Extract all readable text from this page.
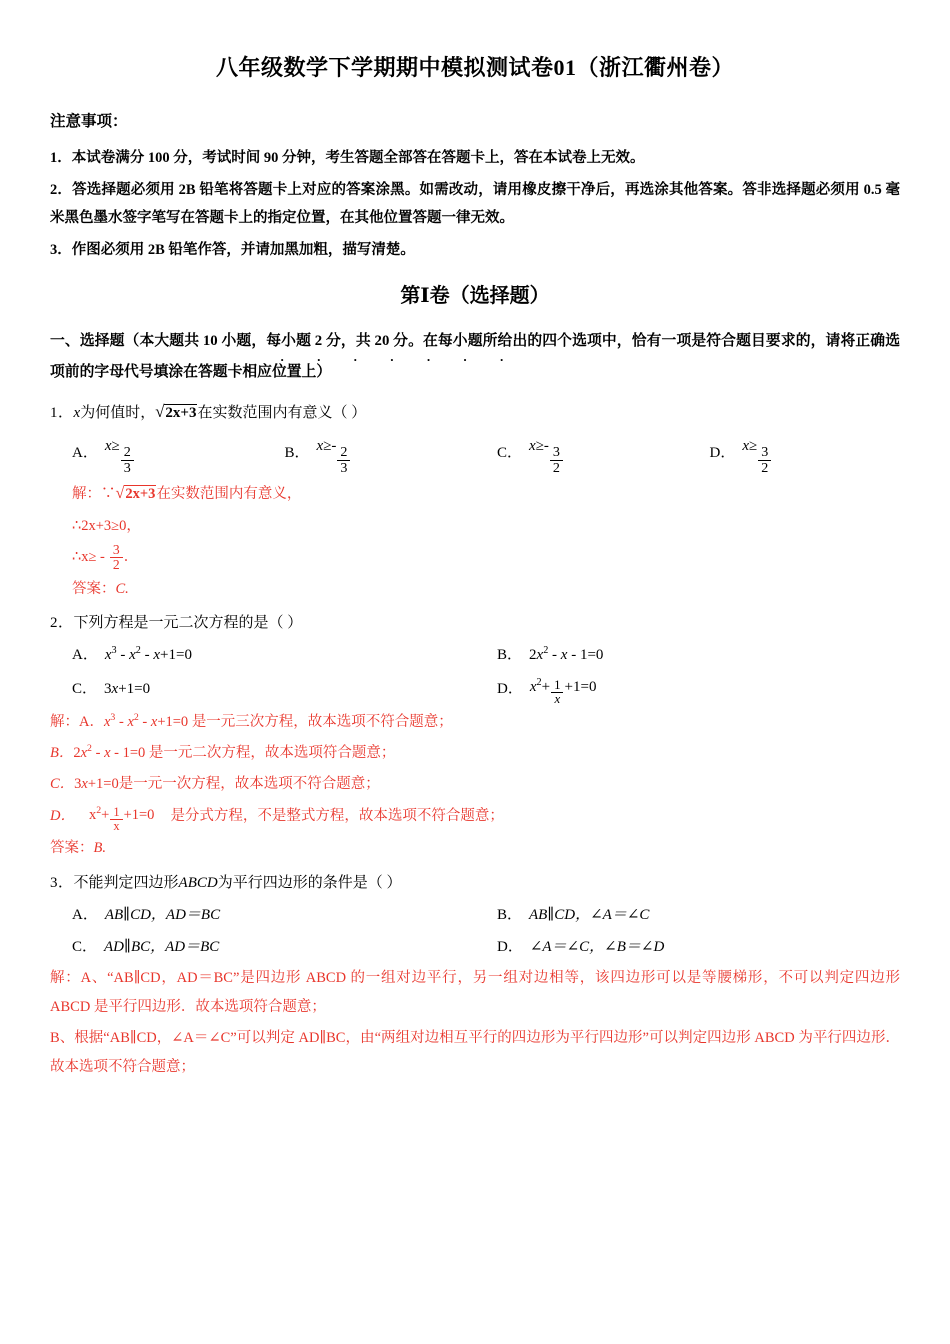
八年级数学下学期期中模拟测试卷01（浙江衢州卷）
注意事项：
1．本试卷满分 100 分，考试时间 90 分钟，考生答题全部答在答题卡上，答在本试卷上无效。
2．答选择题必须用 2B 铅笔将答题卡上对应的答案涂黑。如需改动，请用橡皮擦干净后，再选涂其他答案。答非选择题必须用 0.5 毫米黑色墨水签字笔写在答题卡上的指定位置，在其他位置答题一律无效。
3．作图必须用 2B 铅笔作答，并请加黑加粗，描写清楚。
第Ⅰ卷（选择题）
一、选择题（本大题共 10 小题，每小题 2 分，共 20 分。在每小题所给出的四个选项中，恰有一项是符合题目要求的，请将正确选项前的字母代号填涂在答题卡相应位置上）
· · · · · · ·
1．x为何值时，√2x+3在实数范围内有意义（ ）
A． $x\ge \frac{2}{3}$	B． $x\ge- \frac{2}{3}$	C． $x\ge- \frac{3}{2}$	D． $x\ge \frac{3}{2}$
解：∵√2x+3在实数范围内有意义，
∴2x+3≥0，
∴x≥ - $\frac{3}{2}$ ．
答案：C.
2．下列方程是一元二次方程的是（ ）
A． $x^3 - x^2 - x+1=0$	B． $2x^2 - x - 1=0$
C． 3x+1=0	D． $x^2+ \frac{1}{x} +1=0$
解：A．$x^3 - x^2 - x+1=0$ 是一元三次方程，故本选项不符合题意；
B．$2x^2 - x - 1=0$ 是一元二次方程，故本选项符合题意；
C．3x+1=0是一元一次方程，故本选项不符合题意；
D． $x^2+ \frac{1}{x} +1=0$ 是分式方程，不是整式方程，故本选项不符合题意；
答案：B.
3．不能判定四边形ABCD为平行四边形的条件是（ ）
A． AB∥CD，AD＝BC	B． AB∥CD，∠A＝∠C
C． AD∥BC，AD＝BC	D． ∠A＝∠C，∠B＝∠D
解：A、“AB∥CD，AD＝BC”是四边形 ABCD 的一组对边平行，另一组对边相等，该四边形可以是等腰梯形，不可以判定四边形 ABCD 是平行四边形．故本选项符合题意；
B、根据“AB∥CD，∠A＝∠C”可以判定 AD∥BC，由“两组对边相互平行的四边形为平行四边形”可以判定四边形 ABCD 为平行四边形．故本选项不符合题意；
